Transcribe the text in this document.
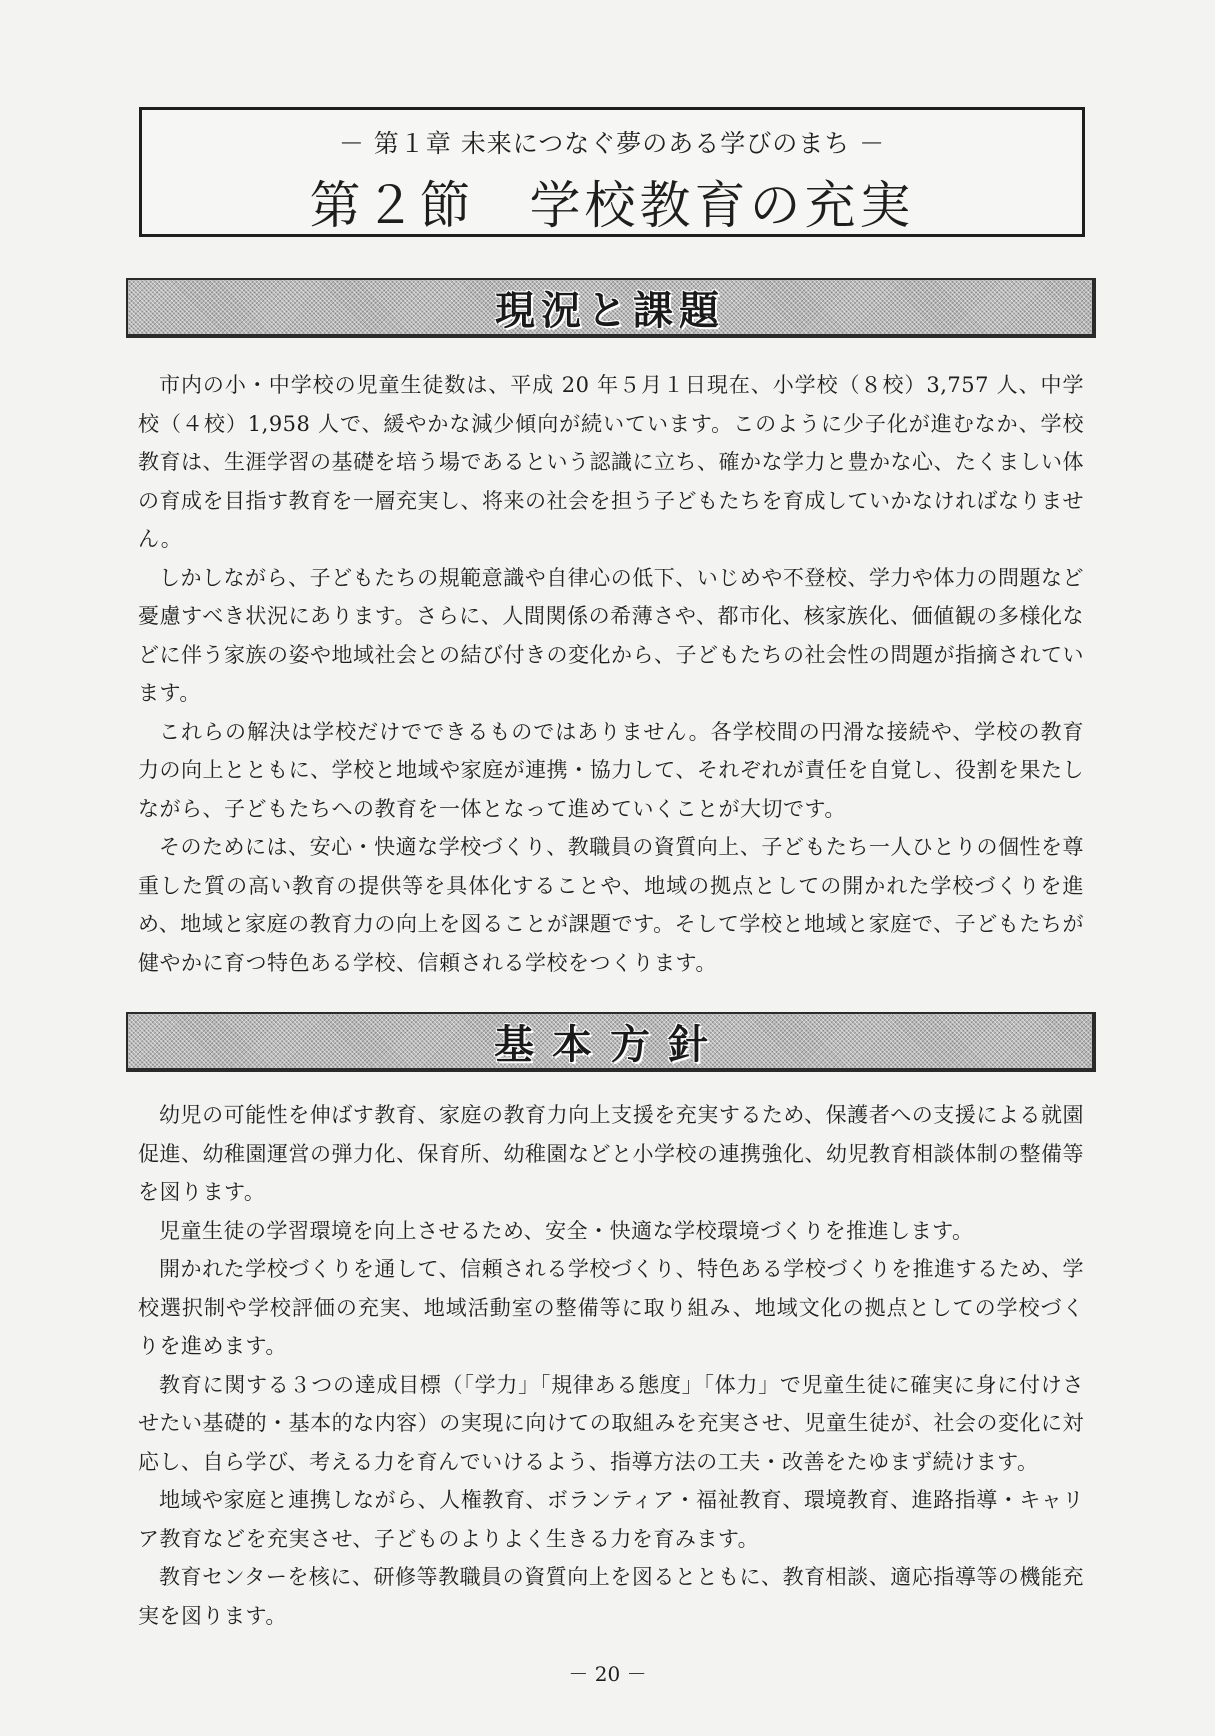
－ 第１章 未来につなぐ夢のある学びのまち －
第２節　学校教育の充実
現況と課題

市内の小・中学校の児童生徒数は、平成 20 年５月１日現在、小学校（８校）3,757 人、中学校（４校）1,958 人で、緩やかな減少傾向が続いています。このように少子化が進むなか、学校教育は、生涯学習の基礎を培う場であるという認識に立ち、確かな学力と豊かな心、たくましい体の育成を目指す教育を一層充実し、将来の社会を担う子どもたちを育成していかなければなりません。

しかしながら、子どもたちの規範意識や自律心の低下、いじめや不登校、学力や体力の問題など憂慮すべき状況にあります。さらに、人間関係の希薄さや、都市化、核家族化、価値観の多様化などに伴う家族の姿や地域社会との結び付きの変化から、子どもたちの社会性の問題が指摘されています。

これらの解決は学校だけでできるものではありません。各学校間の円滑な接続や、学校の教育力の向上とともに、学校と地域や家庭が連携・協力して、それぞれが責任を自覚し、役割を果たしながら、子どもたちへの教育を一体となって進めていくことが大切です。

そのためには、安心・快適な学校づくり、教職員の資質向上、子どもたち一人ひとりの個性を尊重した質の高い教育の提供等を具体化することや、地域の拠点としての開かれた学校づくりを進め、地域と家庭の教育力の向上を図ることが課題です。そして学校と地域と家庭で、子どもたちが健やかに育つ特色ある学校、信頼される学校をつくります。

基本方針

幼児の可能性を伸ばす教育、家庭の教育力向上支援を充実するため、保護者への支援による就園促進、幼稚園運営の弾力化、保育所、幼稚園などと小学校の連携強化、幼児教育相談体制の整備等を図ります。

児童生徒の学習環境を向上させるため、安全・快適な学校環境づくりを推進します。

開かれた学校づくりを通して、信頼される学校づくり、特色ある学校づくりを推進するため、学校選択制や学校評価の充実、地域活動室の整備等に取り組み、地域文化の拠点としての学校づくりを進めます。

教育に関する３つの達成目標（「学力」「規律ある態度」「体力」で児童生徒に確実に身に付けさせたい基礎的・基本的な内容）の実現に向けての取組みを充実させ、児童生徒が、社会の変化に対応し、自ら学び、考える力を育んでいけるよう、指導方法の工夫・改善をたゆまず続けます。

地域や家庭と連携しながら、人権教育、ボランティア・福祉教育、環境教育、進路指導・キャリア教育などを充実させ、子どものよりよく生きる力を育みます。

教育センターを核に、研修等教職員の資質向上を図るとともに、教育相談、適応指導等の機能充実を図ります。

－ 20 －
